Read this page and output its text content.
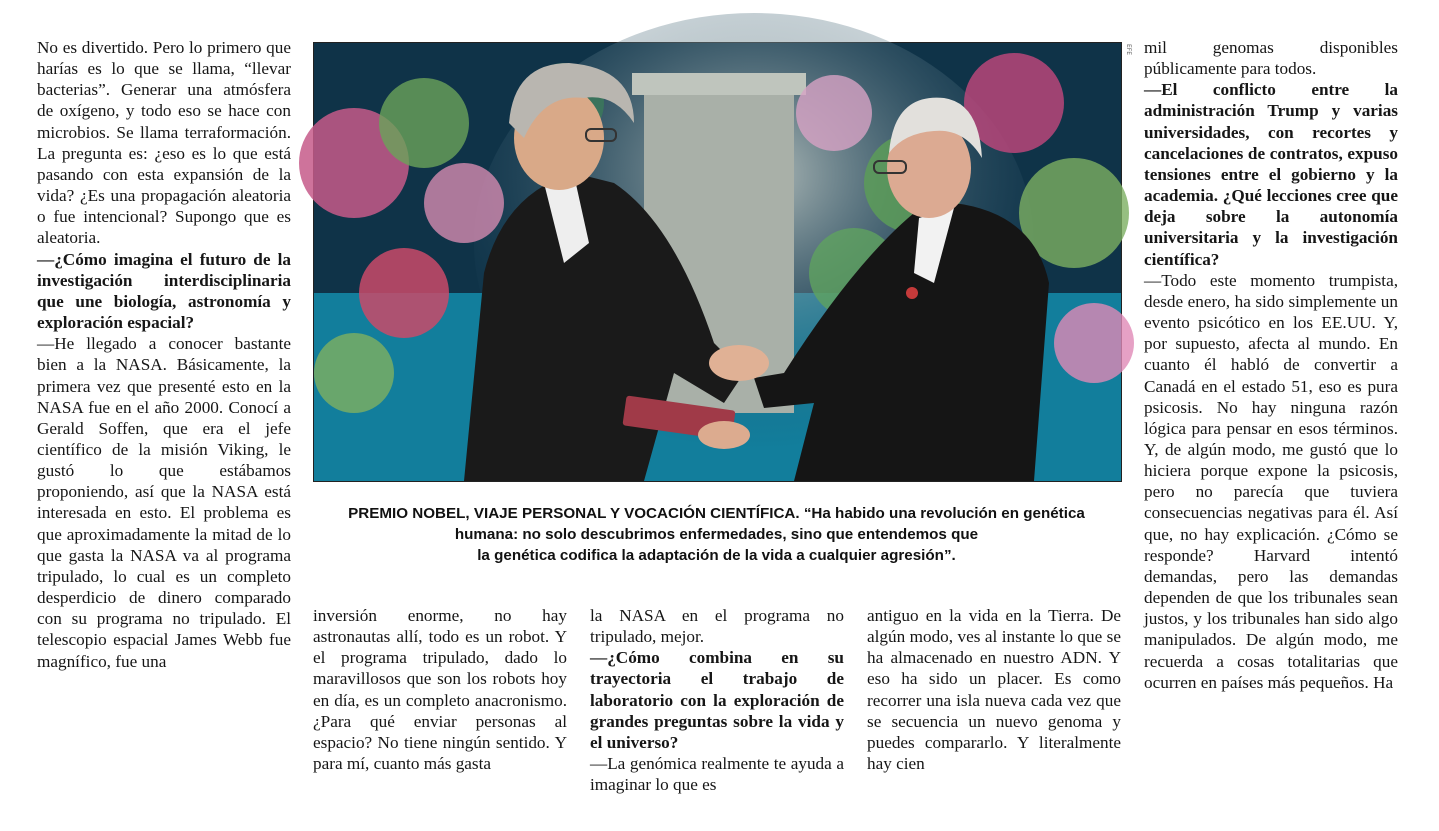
No es divertido. Pero lo primero que harías es lo que se llama, “llevar bacterias”. Generar una atmósfera de oxígeno, y todo eso se hace con microbios. Se llama terraformación. La pregunta es: ¿eso es lo que está pasando con esta expansión de la vida? ¿Es una propagación aleatoria o fue intencional? Supongo que es aleatoria.

—¿Cómo imagina el futuro de la investigación interdisciplinaria que une biología, astronomía y exploración espacial?

—He llegado a conocer bastante bien a la NASA. Básicamente, la primera vez que presenté esto en la NASA fue en el año 2000. Conocí a Gerald Soffen, que era el jefe científico de la misión Viking, le gustó lo que estábamos proponiendo, así que la NASA está interesada en esto. El problema es que aproximadamente la mitad de lo que gasta la NASA va al programa tripulado, lo cual es un completo desperdicio de dinero comparado con su programa no tripulado. El telescopio espacial James Webb fue magnífico, fue una

EFE
PREMIO NOBEL, VIAJE PERSONAL Y VOCACIÓN CIENTÍFICA. “Ha habido una revolución en genética
humana: no solo descubrimos enfermedades, sino que entendemos que
la genética codifica la adaptación de la vida a cualquier agresión”.

inversión enorme, no hay astronautas allí, todo es un robot. Y el programa tripulado, dado lo maravillosos que son los robots hoy en día, es un completo anacronismo. ¿Para qué enviar personas al espacio? No tiene ningún sentido. Y para mí, cuanto más gasta

la NASA en el programa no tripulado, mejor.

—¿Cómo combina en su trayectoria el trabajo de laboratorio con la exploración de grandes preguntas sobre la vida y el universo?

—La genómica realmente te ayuda a imaginar lo que es

antiguo en la vida en la Tierra. De algún modo, ves al instante lo que se ha almacenado en nuestro ADN. Y eso ha sido un placer. Es como recorrer una isla nueva cada vez que se secuencia un nuevo genoma y puedes compararlo. Y literalmente hay cien

mil genomas disponibles públicamente para todos.

—El conflicto entre la administración Trump y varias universidades, con recortes y cancelaciones de contratos, expuso tensiones entre el gobierno y la academia. ¿Qué lecciones cree que deja sobre la autonomía universitaria y la investigación científica?

—Todo este momento trumpista, desde enero, ha sido simplemente un evento psicótico en los EE.UU. Y, por supuesto, afecta al mundo. En cuanto él habló de convertir a Canadá en el estado 51, eso es pura psicosis. No hay ninguna razón lógica para pensar en esos términos. Y, de algún modo, me gustó que lo hiciera porque expone la psicosis, pero no parecía que tuviera consecuencias negativas para él. Así que, no hay explicación. ¿Cómo se responde? Harvard intentó demandas, pero las demandas dependen de que los tribunales sean justos, y los tribunales han sido algo manipulados. De algún modo, me recuerda a cosas totalitarias que ocurren en países más pequeños. Ha
